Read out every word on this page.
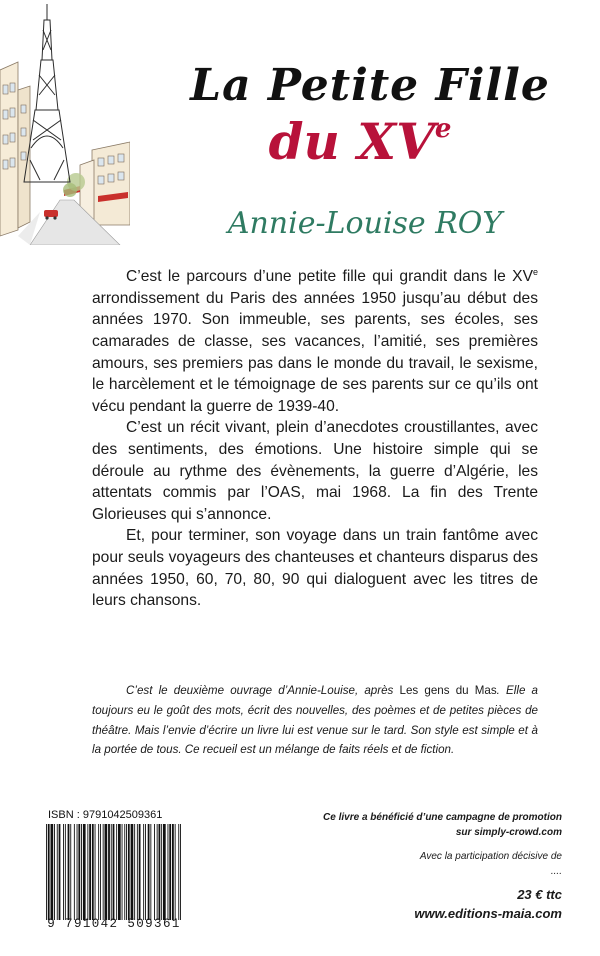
La Petite Fille
du XVe
Annie-Louise ROY

C’est le parcours d’une petite fille qui grandit dans le XVe arrondissement du Paris des années 1950 jusqu’au début des années 1970. Son immeuble, ses parents, ses écoles, ses camarades de classe, ses vacances, l’amitié, ses premières amours, ses premiers pas dans le monde du travail, le sexisme, le harcèlement et le témoignage de ses parents sur ce qu’ils ont vécu pendant la guerre de 1939-40.

C’est un récit vivant, plein d’anecdotes croustillantes, avec des sentiments, des émotions. Une histoire simple qui se déroule au rythme des évènements, la guerre d’Algérie, les attentats commis par l’OAS, mai 1968. La fin des Trente Glorieuses qui s’annonce.

Et, pour terminer, son voyage dans un train fantôme avec pour seuls voyageurs des chanteuses et chanteurs disparus des années 1950, 60, 70, 80, 90 qui dialoguent avec les titres de leurs chansons.

C’est le deuxième ouvrage d’Annie-Louise, après Les gens du Mas. Elle a toujours eu le goût des mots, écrit des nouvelles, des poèmes et de petites pièces de théâtre. Mais l’envie d’écrire un livre lui est venue sur le tard. Son style est simple et à la portée de tous. Ce recueil est un mélange de faits réels et de fiction.

ISBN : 9791042509361
9 791042 509361
Ce livre a bénéficié d’une campagne de promotion
sur simply-crowd.com
Avec la participation décisive de
....
23 € ttc
www.editions-maia.com
